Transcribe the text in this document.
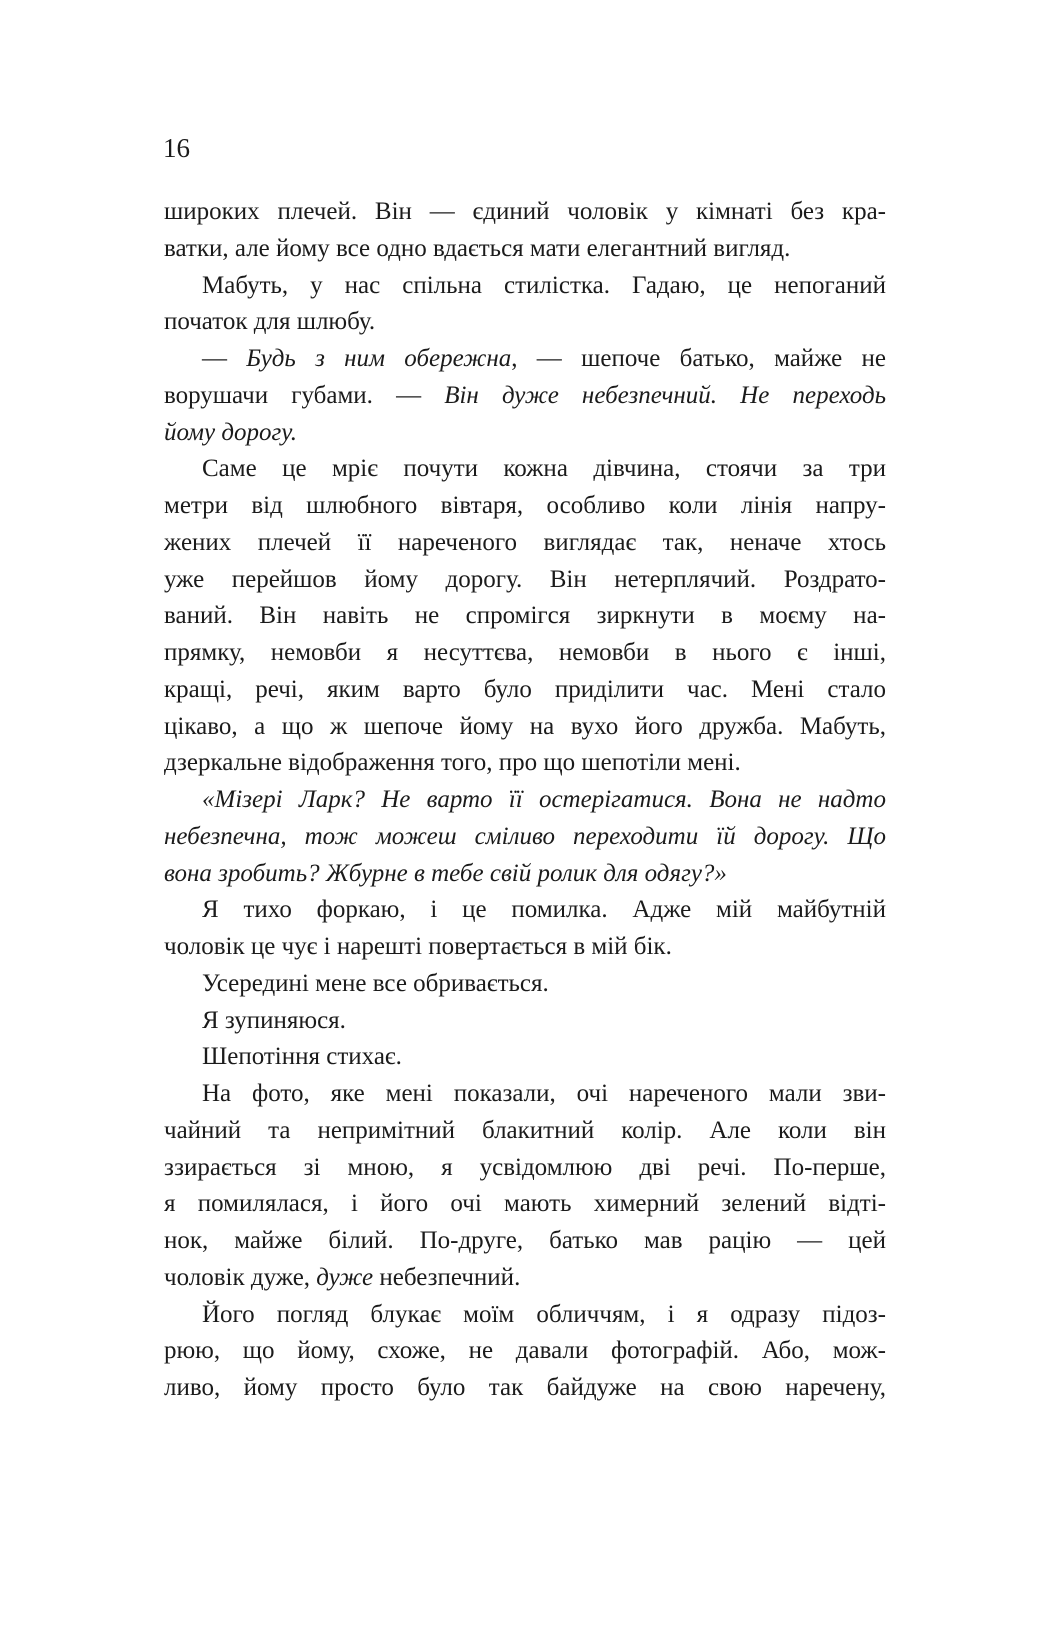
16
широких плечей. Він — єдиний чоловік у кімнаті без кра-
ватки, але йому все одно вдається мати елегантний вигляд.
Мабуть, у нас спільна стилістка. Гадаю, це непоганий
початок для шлюбу.
— Будь з ним обережна, — шепоче батько, майже не
ворушачи губами. — Він дуже небезпечний. Не переходь
йому дорогу.
Саме це мріє почути кожна дівчина, стоячи за три
метри від шлюбного вівтаря, особливо коли лінія напру-
жених плечей її нареченого виглядає так, неначе хтось
уже перейшов йому дорогу. Він нетерплячий. Роздрато-
ваний. Він навіть не спромігся зиркнути в моєму на-
прямку, немовби я несуттєва, немовби в нього є інші,
кращі, речі, яким варто було приділити час. Мені стало
цікаво, а що ж шепоче йому на вухо його дружба. Мабуть,
дзеркальне відображення того, про що шепотіли мені.
«Мізері Ларк? Не варто її остерігатися. Вона не надто
небезпечна, тож можеш сміливо переходити їй дорогу. Що
вона зробить? Жбурне в тебе свій ролик для одягу?»
Я тихо форкаю, і це помилка. Адже мій майбутній
чоловік це чує і нарешті повертається в мій бік.
Усередині мене все обривається.
Я зупиняюся.
Шепотіння стихає.
На фото, яке мені показали, очі нареченого мали зви-
чайний та непримітний блакитний колір. Але коли він
ззирається зі мною, я усвідомлюю дві речі. По-перше,
я помилялася, і його очі мають химерний зелений відті-
нок, майже білий. По-друге, батько мав рацію — цей
чоловік дуже, дуже небезпечний.
Його погляд блукає моїм обличчям, і я одразу підоз-
рюю, що йому, схоже, не давали фотографій. Або, мож-
ливо, йому просто було так байдуже на свою наречену,
